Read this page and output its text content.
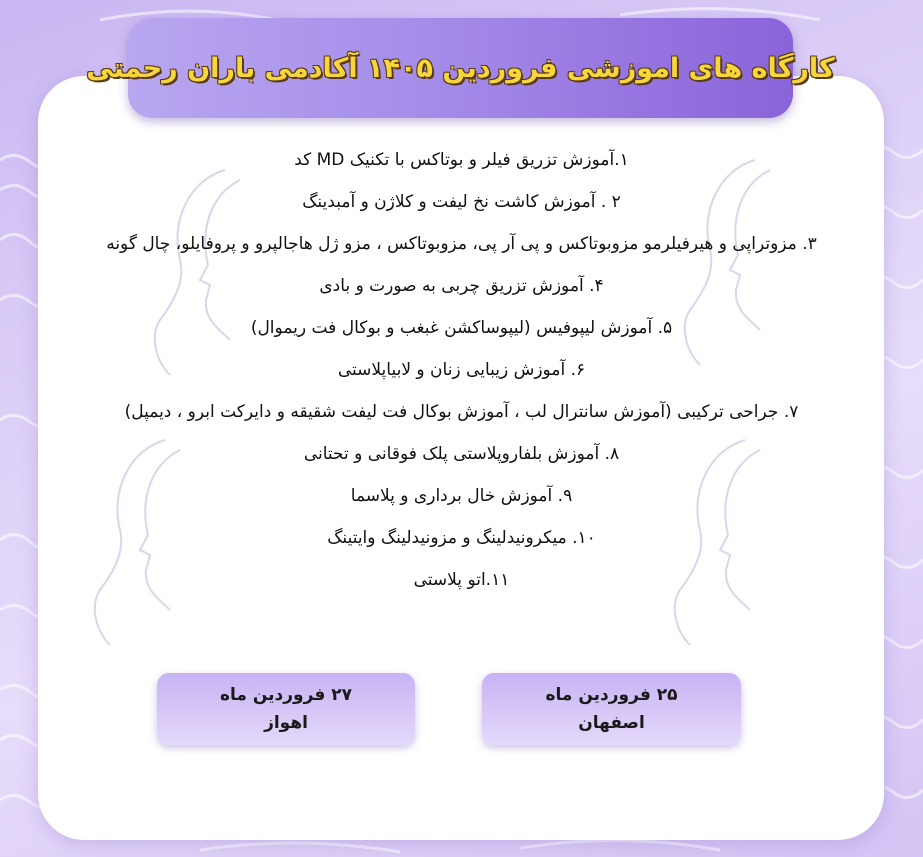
کارگاه های اموزشی فروردین ۱۴۰۵ آکادمی باران رحمتی
۱.آموزش تزریق فیلر و بوتاکس با تکنیک MD کد
۲ . آموزش کاشت نخ لیفت و کلاژن و آمبدینگ
۳. مزوتراپی و هیرفیلرمو مزوبوتاکس و پی آر پی، مزوبوتاکس ، مزو ژل هاجالپرو و پروفایلو، چال گونه
۴. آموزش تزریق چربی به صورت و بادی
۵. آموزش لیپوفیس (لیپوساکشن غبغب و بوکال فت ریموال)
۶. آموزش زیبایی زنان و لابیاپلاستی
۷. جراحی ترکیبی (آموزش سانترال لب ، آموزش بوکال فت لیفت شقیقه و دایرکت ابرو ، دیمپل)
۸. آموزش بلفاروپلاستی پلک فوقانی و تحتانی
۹. آموزش خال برداری و پلاسما
۱۰. میکرونیدلینگ و مزونیدلینگ وایتینگ
۱۱.اتو پلاستی
۲۷ فروردین ماه
اهواز
۲۵ فروردین ماه
اصفهان
